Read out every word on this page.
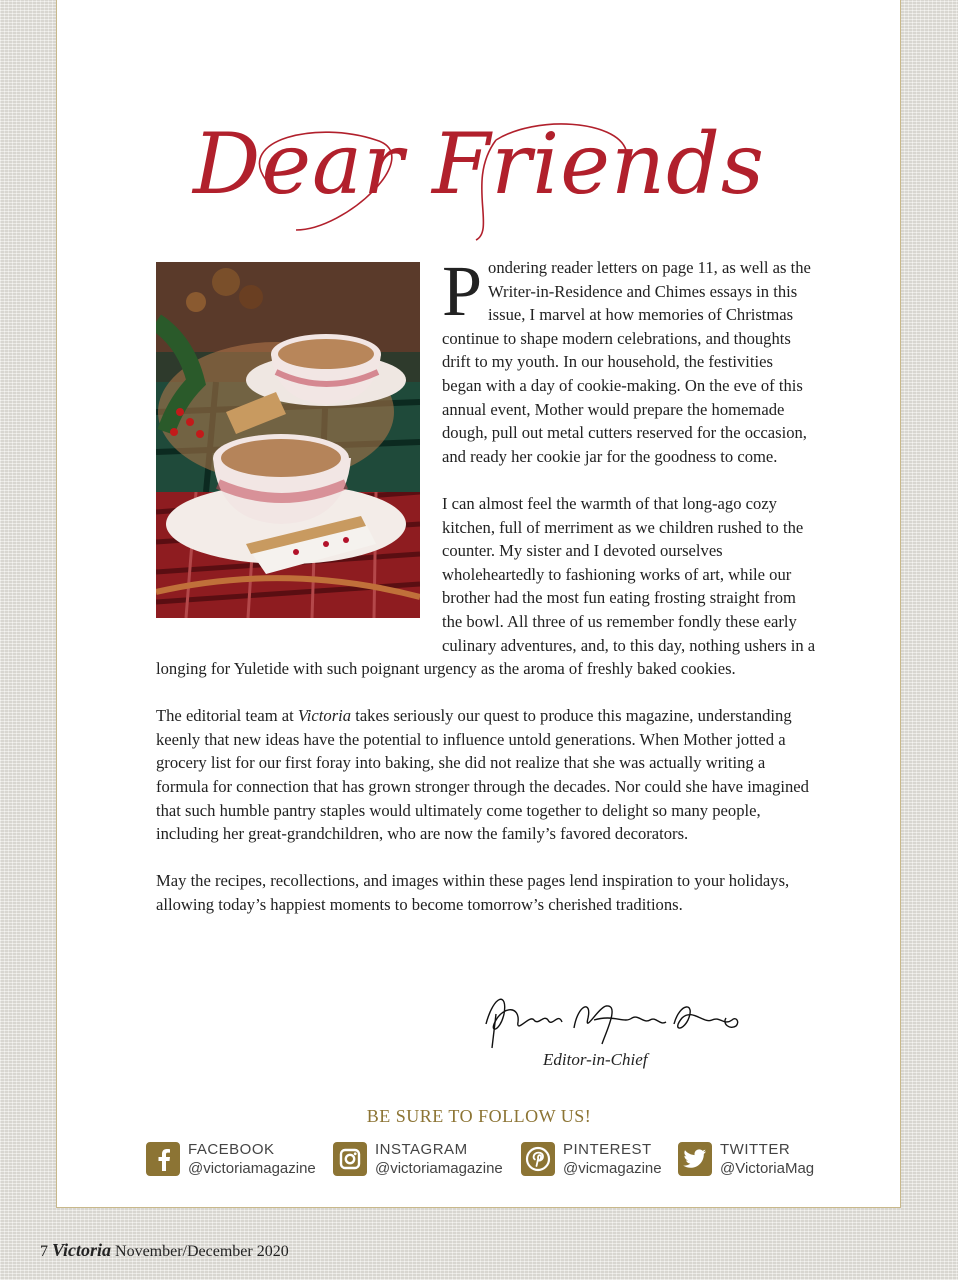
Dear Friends

Pondering reader letters on page 11, as well as the Writer-in-Residence and Chimes essays in this issue, I marvel at how memories of Christmas continue to shape modern celebrations, and thoughts drift to my youth. In our household, the festivities began with a day of cookie-making. On the eve of this annual event, Mother would prepare the homemade dough, pull out metal cutters reserved for the occasion, and ready her cookie jar for the goodness to come.

I can almost feel the warmth of that long-ago cozy kitchen, full of merriment as we children rushed to the counter. My sister and I devoted ourselves wholeheartedly to fashioning works of art, while our brother had the most fun eating frosting straight from the bowl. All three of us remember fondly these early culinary adventures, and, to this day, nothing ushers in a longing for Yuletide with such poignant urgency as the aroma of freshly baked cookies.

The editorial team at Victoria takes seriously our quest to produce this magazine, understanding keenly that new ideas have the potential to influence untold generations. When Mother jotted a grocery list for our first foray into baking, she did not realize that she was actually writing a formula for connection that has grown stronger through the decades. Nor could she have imagined that such humble pantry staples would ultimately come together to delight so many people, including her great-grandchildren, who are now the family’s favored decorators.

May the recipes, recollections, and images within these pages lend inspiration to your holidays, allowing today’s happiest moments to become tomorrow’s cherished traditions.

Editor-in-Chief
BE SURE TO FOLLOW US!
FACEBOOK
@victoriamagazine
INSTAGRAM
@victoriamagazine
PINTEREST
@vicmagazine
TWITTER
@VictoriaMag
7 Victoria November/December 2020
